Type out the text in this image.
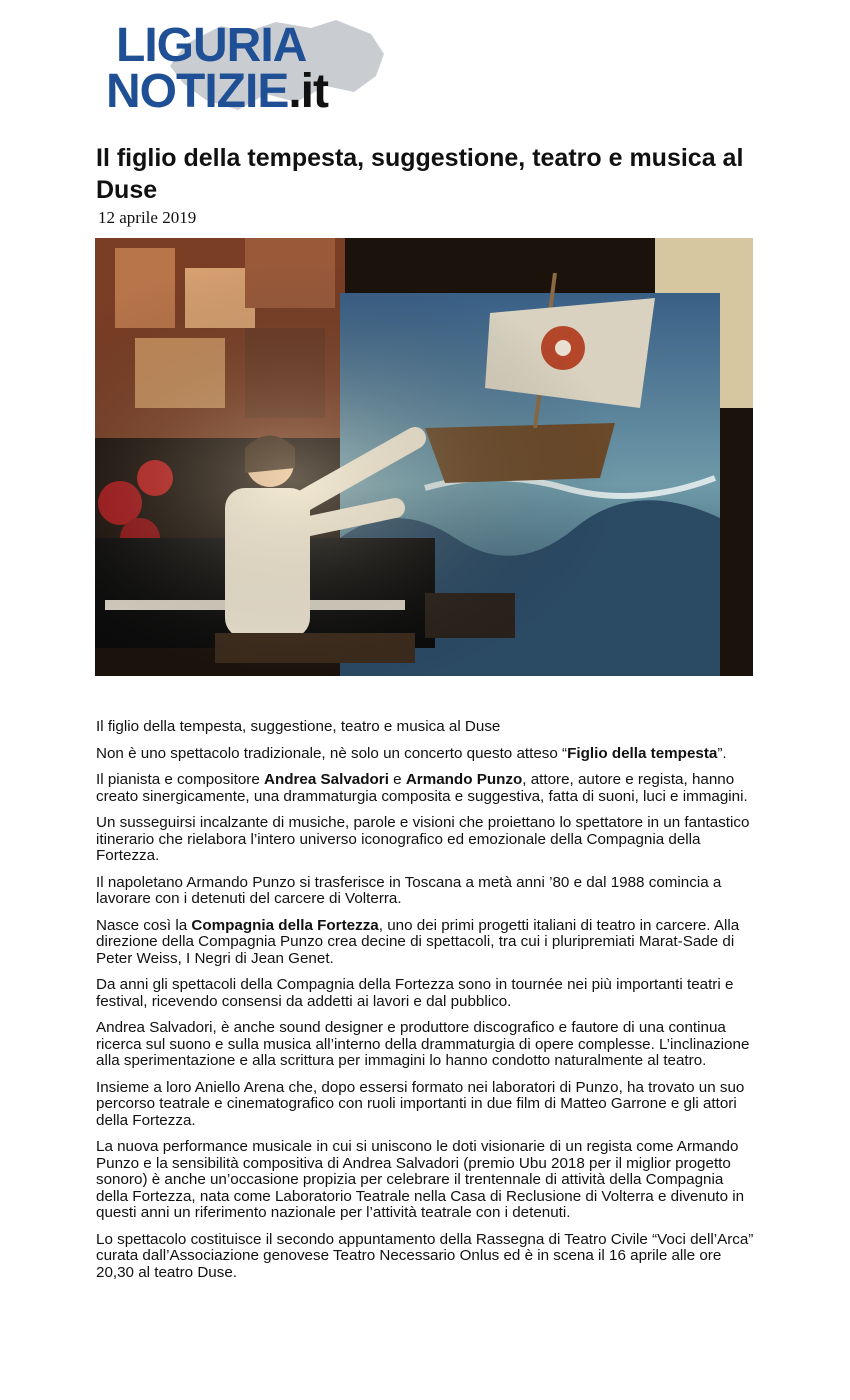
LIGURIA
NOTIZIE.it
Il figlio della tempesta, suggestione, teatro e musica al Duse
12 aprile 2019

Il figlio della tempesta, suggestione, teatro e musica al Duse

Non è uno spettacolo tradizionale, nè solo un concerto questo atteso “Figlio della tempesta”.

Il pianista e compositore Andrea Salvadori e Armando Punzo, attore, autore e regista, hanno creato sinergicamente, una drammaturgia composita e suggestiva, fatta di suoni, luci e immagini.

Un susseguirsi incalzante di musiche, parole e visioni che proiettano lo spettatore in un fantastico itinerario che rielabora l’intero universo iconografico ed emozionale della Compagnia della Fortezza.

Il napoletano Armando Punzo si trasferisce in Toscana a metà anni ’80 e dal 1988 comincia a lavorare con i detenuti del carcere di Volterra.

Nasce così la Compagnia della Fortezza, uno dei primi progetti italiani di teatro in carcere. Alla direzione della Compagnia Punzo crea decine di spettacoli, tra cui i pluripremiati Marat-Sade di Peter Weiss, I Negri di Jean Genet.

Da anni gli spettacoli della Compagnia della Fortezza sono in tournée nei più importanti teatri e festival, ricevendo consensi da addetti ai lavori e dal pubblico.

Andrea Salvadori, è anche sound designer e produttore discografico e fautore di una continua ricerca sul suono e sulla musica all’interno della drammaturgia di opere complesse. L’inclinazione alla sperimentazione e alla scrittura per immagini lo hanno condotto naturalmente al teatro.

Insieme a loro Aniello Arena che, dopo essersi formato nei laboratori di Punzo, ha trovato un suo percorso teatrale e cinematografico con ruoli importanti in due film di Matteo Garrone e gli attori della Fortezza.

La nuova performance musicale in cui si uniscono le doti visionarie di un regista come Armando Punzo e la sensibilità compositiva di Andrea Salvadori (premio Ubu 2018 per il miglior progetto sonoro) è anche un’occasione propizia per celebrare il trentennale di attività della Compagnia della Fortezza, nata come Laboratorio Teatrale nella Casa di Reclusione di Volterra e divenuto in questi anni un riferimento nazionale per l’attività teatrale con i detenuti.

Lo spettacolo costituisce il secondo appuntamento della Rassegna di Teatro Civile “Voci dell’Arca” curata dall’Associazione genovese Teatro Necessario Onlus ed è in scena il 16 aprile alle ore 20,30 al teatro Duse.
